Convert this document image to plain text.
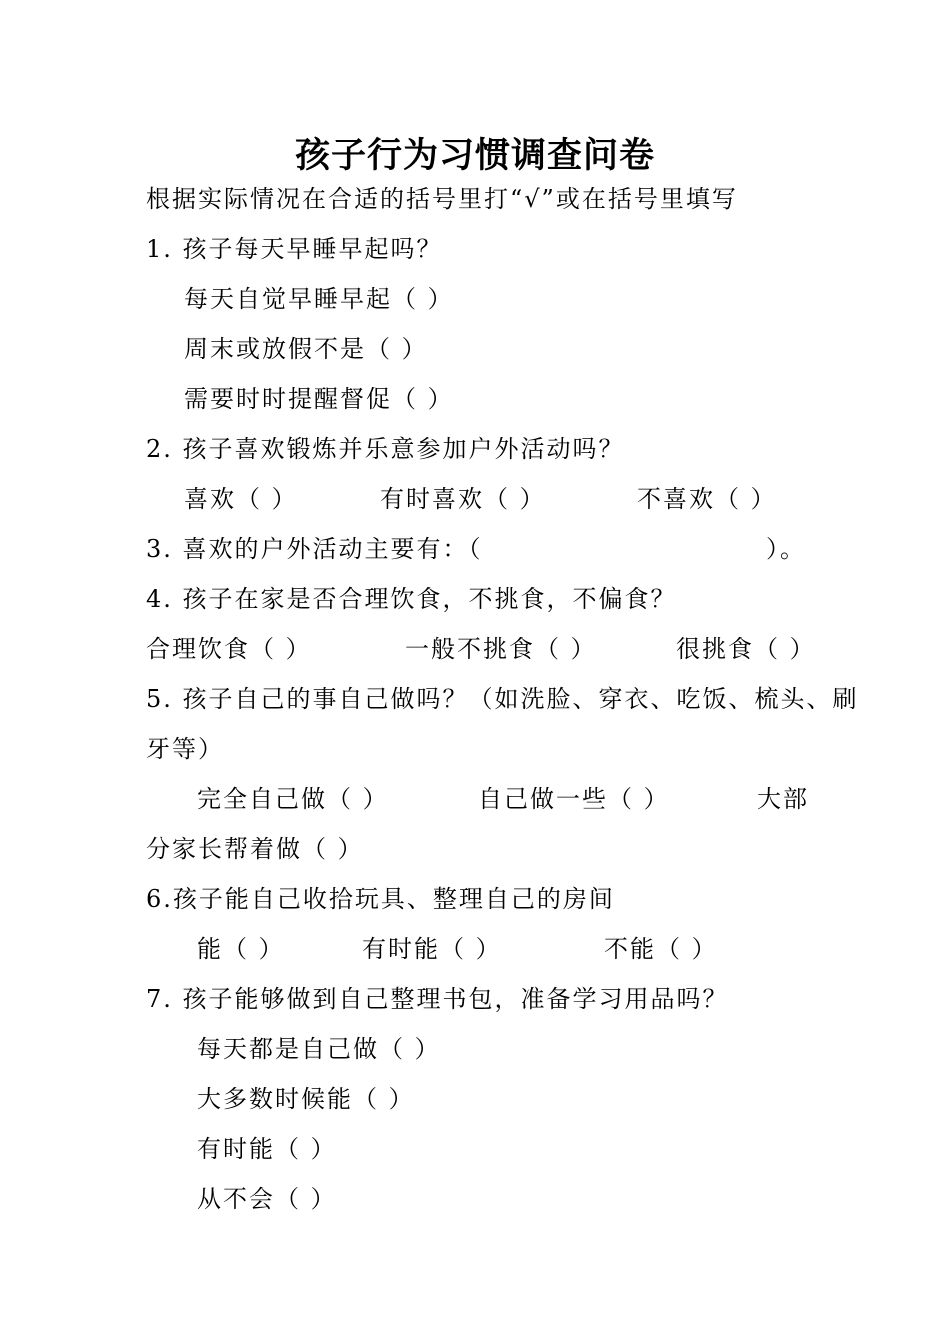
孩子行为习惯调查问卷
根据实际情况在合适的括号里打“√”或在括号里填写
1. 孩子每天早睡早起吗？
每天自觉早睡早起（ ）
周末或放假不是（ ）
需要时时提醒督促（ ）
2. 孩子喜欢锻炼并乐意参加户外活动吗？
喜欢（ ）	有时喜欢（ ）	不喜欢（ ）
3. 喜欢的户外活动主要有：（	）。
4. 孩子在家是否合理饮食，不挑食，不偏食？
合理饮食（ ）	一般不挑食（ ）	很挑食（ ）
5. 孩子自己的事自己做吗？（如洗脸、穿衣、吃饭、梳头、刷
牙等）
完全自己做（ ）	自己做一些（ ）	大部
分家长帮着做（ ）
6.孩子能自己收拾玩具、整理自己的房间
能（ ）	有时能（ ）	不能（ ）
7. 孩子能够做到自己整理书包，准备学习用品吗？
每天都是自己做（ ）
大多数时候能（ ）
有时能（ ）
从不会（ ）
